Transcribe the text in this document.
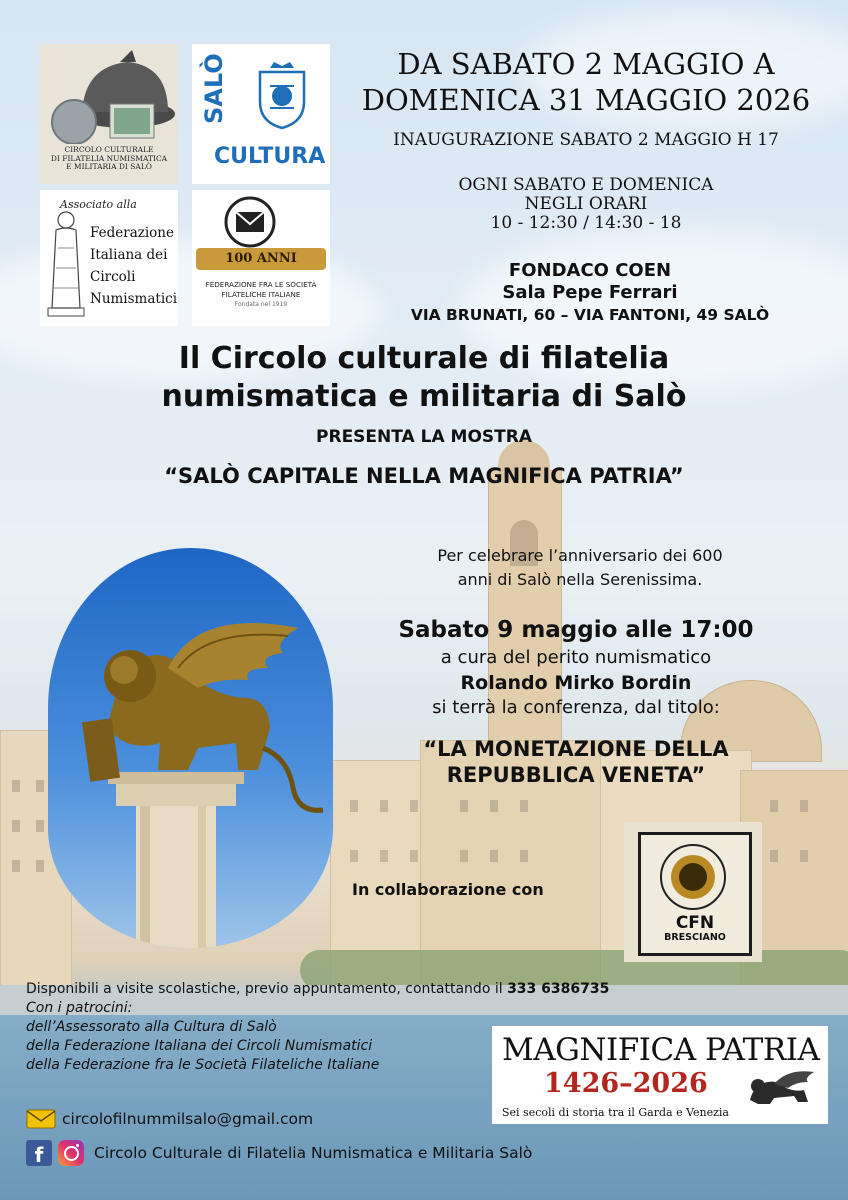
CIRCOLO CULTURALE
DI FILATELIA NUMISMATICA
E MILITARIA DI SALÒ
SALÒ
CULTURA
Associato alla
Federazione
Italiana dei
Circoli
Numismatici
100 ANNI
FEDERAZIONE FRA LE SOCIETÀ
FILATELICHE ITALIANE
Fondata nel 1919
DA SABATO 2 MAGGIO A
DOMENICA 31 MAGGIO 2026
INAUGURAZIONE SABATO 2 MAGGIO H 17
OGNI SABATO E DOMENICA
NEGLI ORARI
10 - 12:30 / 14:30 - 18
FONDACO COEN
Sala Pepe Ferrari
VIA BRUNATI, 60 – VIA FANTONI, 49 SALÒ
Il Circolo culturale di filatelia
numismatica e militaria di Salò
PRESENTA LA MOSTRA
“SALÒ CAPITALE NELLA MAGNIFICA PATRIA”
Per celebrare l’anniversario dei 600
anni di Salò nella Serenissima.
Sabato 9 maggio alle 17:00
a cura del perito numismatico
Rolando Mirko Bordin
si terrà la conferenza, dal titolo:
“LA MONETAZIONE DELLA
REPUBBLICA VENETA”
In collaborazione con
CFN
BRESCIANO
Disponibili a visite scolastiche, previo appuntamento, contattando il 333 6386735
Con i patrocini:
dell’Assessorato alla Cultura di Salò
della Federazione Italiana dei Circoli Numismatici
della Federazione fra le Società Filateliche Italiane
circolofilnummilsalo@gmail.com
f	Circolo Culturale di Filatelia Numismatica e Militaria Salò
MAGNIFICA PATRIA
1426–2026
Sei secoli di storia tra il Garda e Venezia
